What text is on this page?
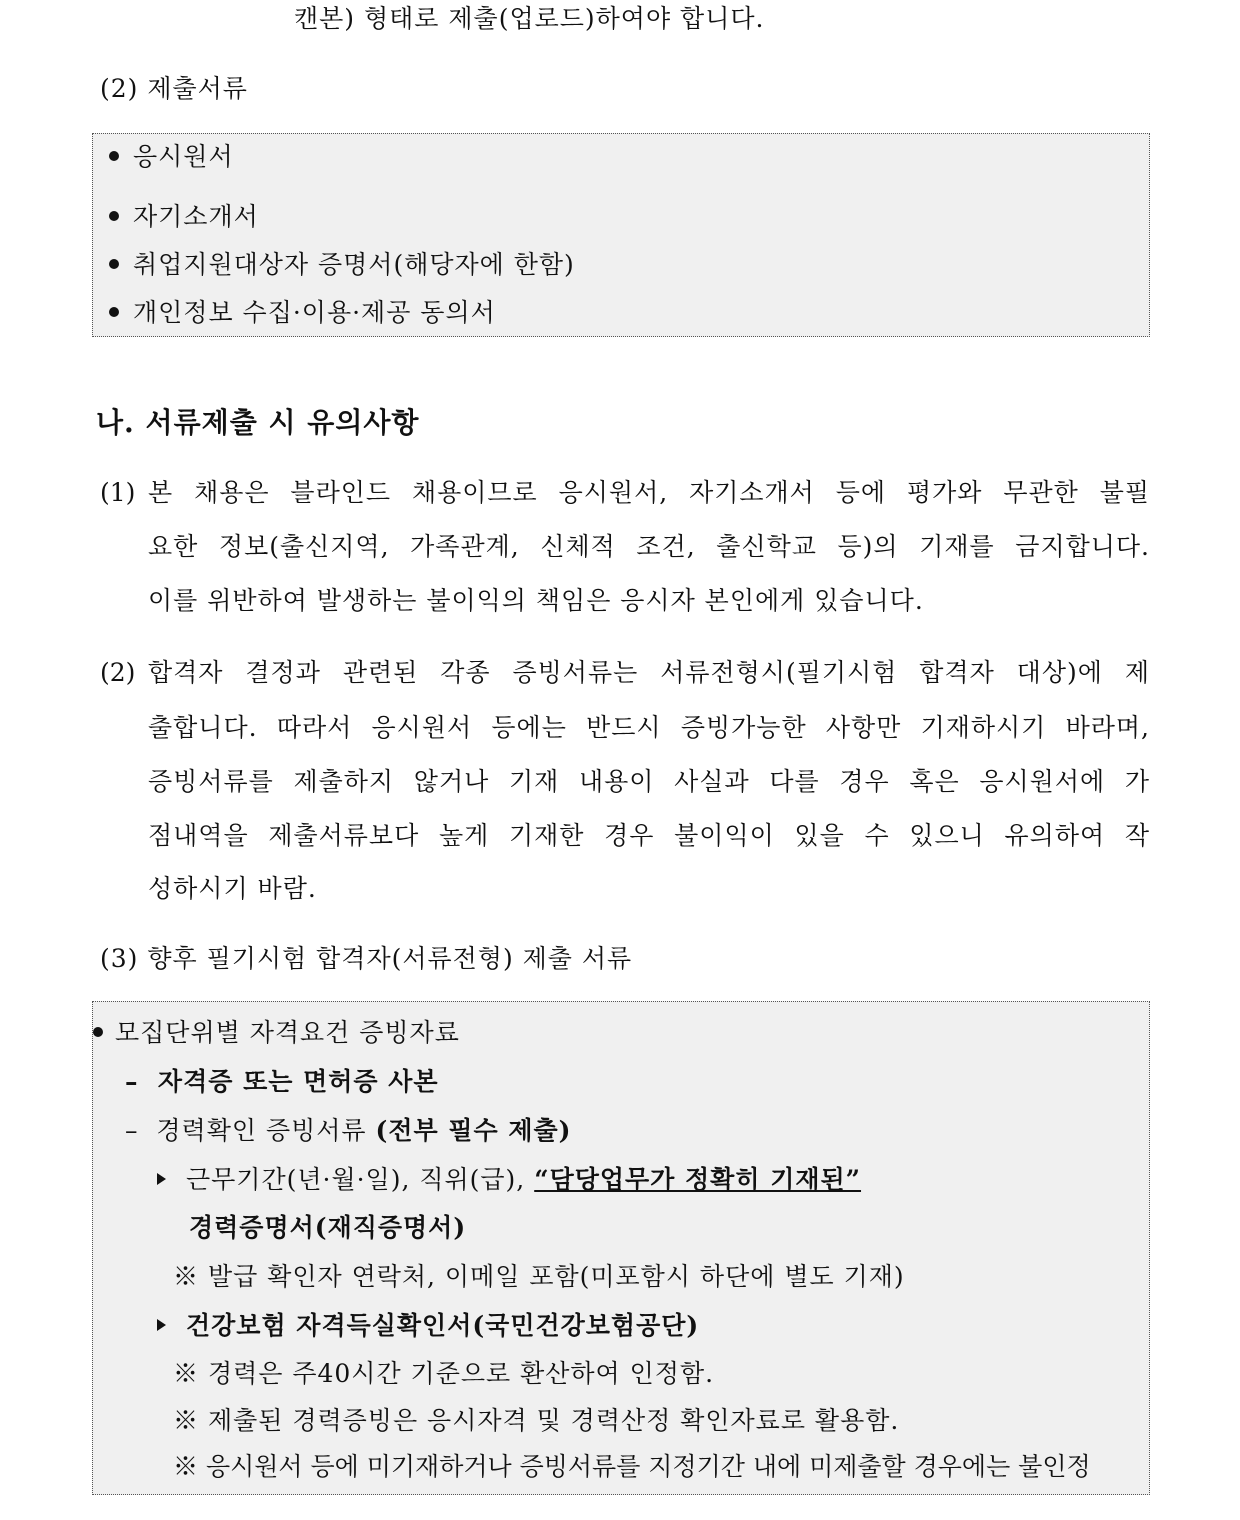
캔본) 형태로 제출(업로드)하여야 합니다.
(2) 제출서류
응시원서
자기소개서
취업지원대상자 증명서(해당자에 한함)
개인정보 수집·이용·제공 동의서
나. 서류제출 시 유의사항
(1) 본 채용은 블라인드 채용이므로 응시원서, 자기소개서 등에 평가와 무관한 불필
요한 정보(출신지역, 가족관계, 신체적 조건, 출신학교 등)의 기재를 금지합니다.
이를 위반하여 발생하는 불이익의 책임은 응시자 본인에게 있습니다.
(2) 합격자 결정과 관련된 각종 증빙서류는 서류전형시(필기시험 합격자 대상)에 제
출합니다. 따라서 응시원서 등에는 반드시 증빙가능한 사항만 기재하시기 바라며,
증빙서류를 제출하지 않거나 기재 내용이 사실과 다를 경우 혹은 응시원서에 가
점내역을 제출서류보다 높게 기재한 경우 불이익이 있을 수 있으니 유의하여 작
성하시기 바람.
(3) 향후 필기시험 합격자(서류전형) 제출 서류
모집단위별 자격요건 증빙자료
– 자격증 또는 면허증 사본
– 경력확인 증빙서류 (전부 필수 제출)
근무기간(년·월·일), 직위(급), “담당업무가 정확히 기재된”
경력증명서(재직증명서)
※ 발급 확인자 연락처, 이메일 포함(미포함시 하단에 별도 기재)
건강보험 자격득실확인서(국민건강보험공단)
※ 경력은 주40시간 기준으로 환산하여 인정함.
※ 제출된 경력증빙은 응시자격 및 경력산정 확인자료로 활용함.
※ 응시원서 등에 미기재하거나 증빙서류를 지정기간 내에 미제출할 경우에는 불인정
